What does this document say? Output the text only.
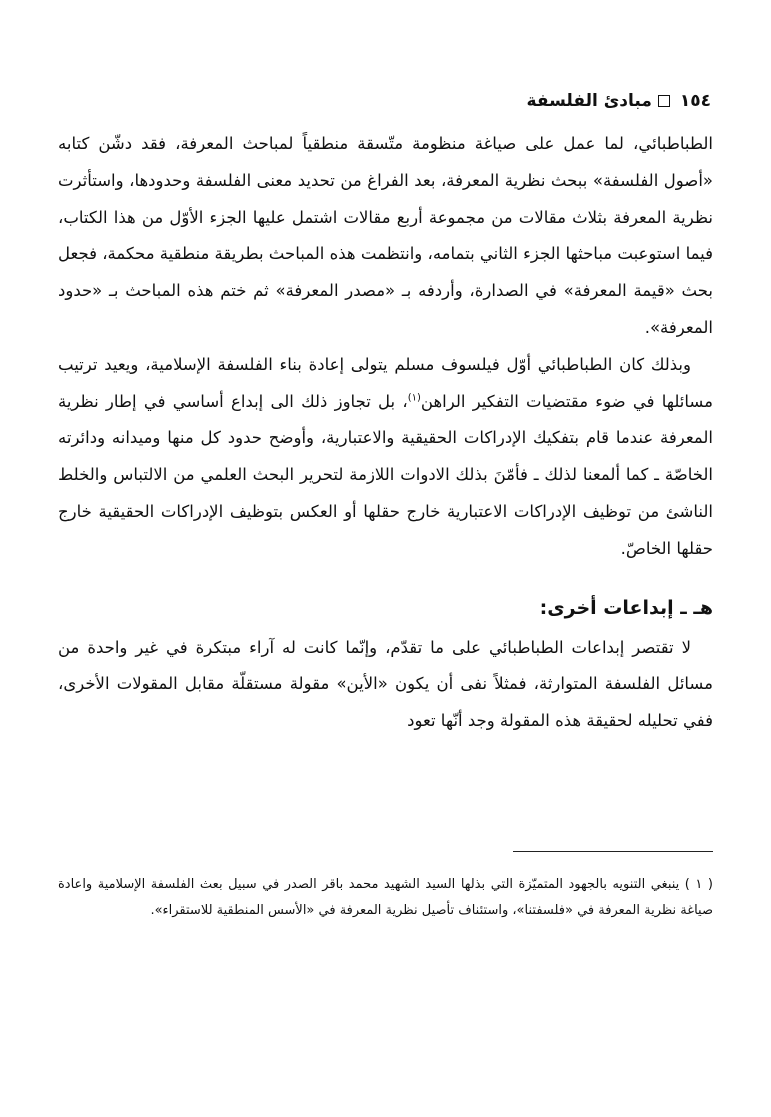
١٥٤مبادئ الفلسفة

الطباطبائي، لما عمل على صياغة منظومة متّسقة منطقياً لمباحث المعرفة، فقد دشّن كتابه «أصول الفلسفة» ببحث نظرية المعرفة، بعد الفراغ من تحديد معنى الفلسفة وحدودها، واستأثرت نظرية المعرفة بثلاث مقالات من مجموعة أربع مقالات اشتمل عليها الجزء الأوّل من هذا الكتاب، فيما استوعبت مباحثها الجزء الثاني بتمامه، وانتظمت هذه المباحث بطريقة منطقية محكمة، فجعل بحث «قيمة المعرفة» في الصدارة، وأردفه بـ «مصدر المعرفة» ثم ختم هذه المباحث بـ «حدود المعرفة».

وبذلك كان الطباطبائي أوّل فيلسوف مسلم يتولى إعادة بناء الفلسفة الإسلامية، ويعيد ترتيب مسائلها في ضوء مقتضيات التفكير الراهن$^{(١)}$، بل تجاوز ذلك الى إبداع أساسي في إطار نظرية المعرفة عندما قام بتفكيك الإدراكات الحقيقية والاعتبارية، وأوضح حدود كل منها وميدانه ودائرته الخاصّة ـ كما ألمعنا لذلك ـ فأمّنَ بذلك الادوات اللازمة لتحرير البحث العلمي من الالتباس والخلط الناشئ من توظيف الإدراكات الاعتبارية خارج حقلها أو العكس بتوظيف الإدراكات الحقيقية خارج حقلها الخاصّ.

هـ ـ إبداعات أخرى:

لا تقتصر إبداعات الطباطبائي على ما تقدّم، وإنّما كانت له آراء مبتكرة في غير واحدة من مسائل الفلسفة المتوارثة، فمثلاً نفى أن يكون «الأين» مقولة مستقلّة مقابل المقولات الأخرى، ففي تحليله لحقيقة هذه المقولة وجد أنّها تعود

( ١ ) ينبغي التنويه بالجهود المتميّزة التي بذلها السيد الشهيد محمد باقر الصدر في سبيل بعث الفلسفة الإسلامية واعادة صياغة نظرية المعرفة في «فلسفتنا»، واستئناف تأصيل نظرية المعرفة في «الأسس المنطقية للاستقراء».
